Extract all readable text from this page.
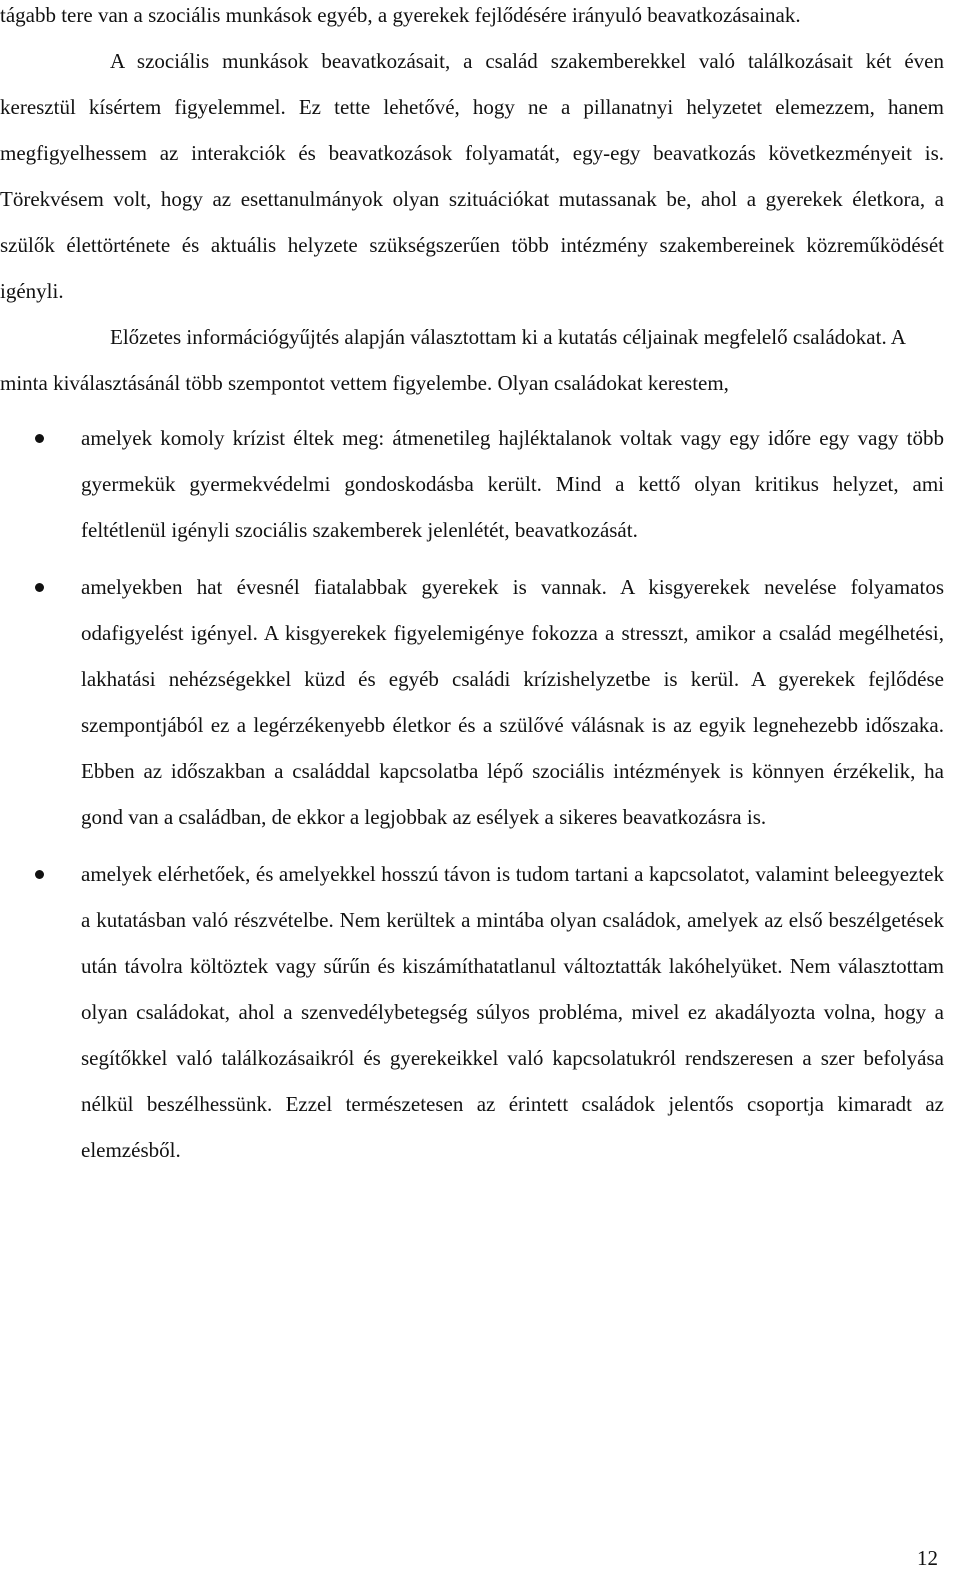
tágabb tere van a szociális munkások egyéb, a gyerekek fejlődésére irányuló beavatkozásainak.

A szociális munkások beavatkozásait, a család szakemberekkel való találkozásait két éven keresztül kísértem figyelemmel. Ez tette lehetővé, hogy ne a pillanatnyi helyzetet elemezzem, hanem megfigyelhessem az interakciók és beavatkozások folyamatát, egy-egy beavatkozás következményeit is. Törekvésem volt, hogy az esettanulmányok olyan szituációkat mutassanak be, ahol a gyerekek életkora, a szülők élettörténete és aktuális helyzete szükségszerűen több intézmény szakembereinek közreműködését igényli.

Előzetes információgyűjtés alapján választottam ki a kutatás céljainak megfelelő családokat. A minta kiválasztásánál több szempontot vettem figyelembe. Olyan családokat kerestem,

amelyek komoly krízist éltek meg: átmenetileg hajléktalanok voltak vagy egy időre egy vagy több gyermekük gyermekvédelmi gondoskodásba került. Mind a kettő olyan kritikus helyzet, ami feltétlenül igényli szociális szakemberek jelenlétét, beavatkozását.
amelyekben hat évesnél fiatalabbak gyerekek is vannak. A kisgyerekek nevelése folyamatos odafigyelést igényel. A kisgyerekek figyelemigénye fokozza a stresszt, amikor a család megélhetési, lakhatási nehézségekkel küzd és egyéb családi krízishelyzetbe is kerül. A gyerekek fejlődése szempontjából ez a legérzékenyebb életkor és a szülővé válásnak is az egyik legnehezebb időszaka. Ebben az időszakban a családdal kapcsolatba lépő szociális intézmények is könnyen érzékelik, ha gond van a családban, de ekkor a legjobbak az esélyek a sikeres beavatkozásra is.
amelyek elérhetőek, és amelyekkel hosszú távon is tudom tartani a kapcsolatot, valamint beleegyeztek a kutatásban való részvételbe. Nem kerültek a mintába olyan családok, amelyek az első beszélgetések után távolra költöztek vagy sűrűn és kiszámíthatatlanul változtatták lakóhelyüket. Nem választottam olyan családokat, ahol a szenvedélybetegség súlyos probléma, mivel ez akadályozta volna, hogy a segítőkkel való találkozásaikról és gyerekeikkel való kapcsolatukról rendszeresen a szer befolyása nélkül beszélhessünk. Ezzel természetesen az érintett családok jelentős csoportja kimaradt az elemzésből.
12
